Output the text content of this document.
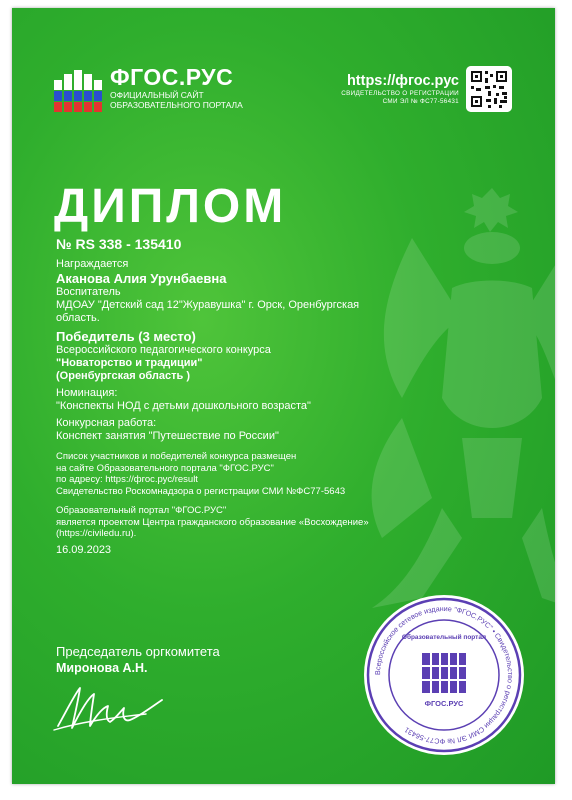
ФГОС.РУС
ОФИЦИАЛЬНЫЙ САЙТ
ОБРАЗОВАТЕЛЬНОГО ПОРТАЛА
https://фгос.рус
СВИДЕТЕЛЬСТВО О РЕГИСТРАЦИИ
СМИ ЭЛ № ФС77-56431
ДИПЛОМ
№ RS 338 - 135410
Награждается
Аканова Алия Урунбаевна
Воспитатель
МДОАУ "Детский сад 12"Журавушка" г. Орск, Оренбургская
область.
Победитель (3 место)
Всероссийского педагогического конкурса
"Новаторство и традиции"
(Оренбургская область )
Номинация:
"Конспекты НОД с детьми дошкольного возраста"
Конкурсная работа:
Конспект занятия "Путешествие по России"
Список участников и победителей конкурса размещен
на сайте Образовательного портала "ФГОС.РУС"
по адресу: https://фгос.рус/result
Свидетельство Роскомнадзора о регистрации СМИ №ФС77-5643
Образовательный портал "ФГОС.РУС"
является проектом Центра гражданского образование «Восхождение»
(https://civiledu.ru).
16.09.2023
Председатель оргкомитета
Миронова А.Н.	Всероссийское сетевое издание "ФГОС.РУС" • Свидетельство о регистрации СМИ ЭЛ № ФС77-56431
Образовательный портал
ФГОС.РУС
